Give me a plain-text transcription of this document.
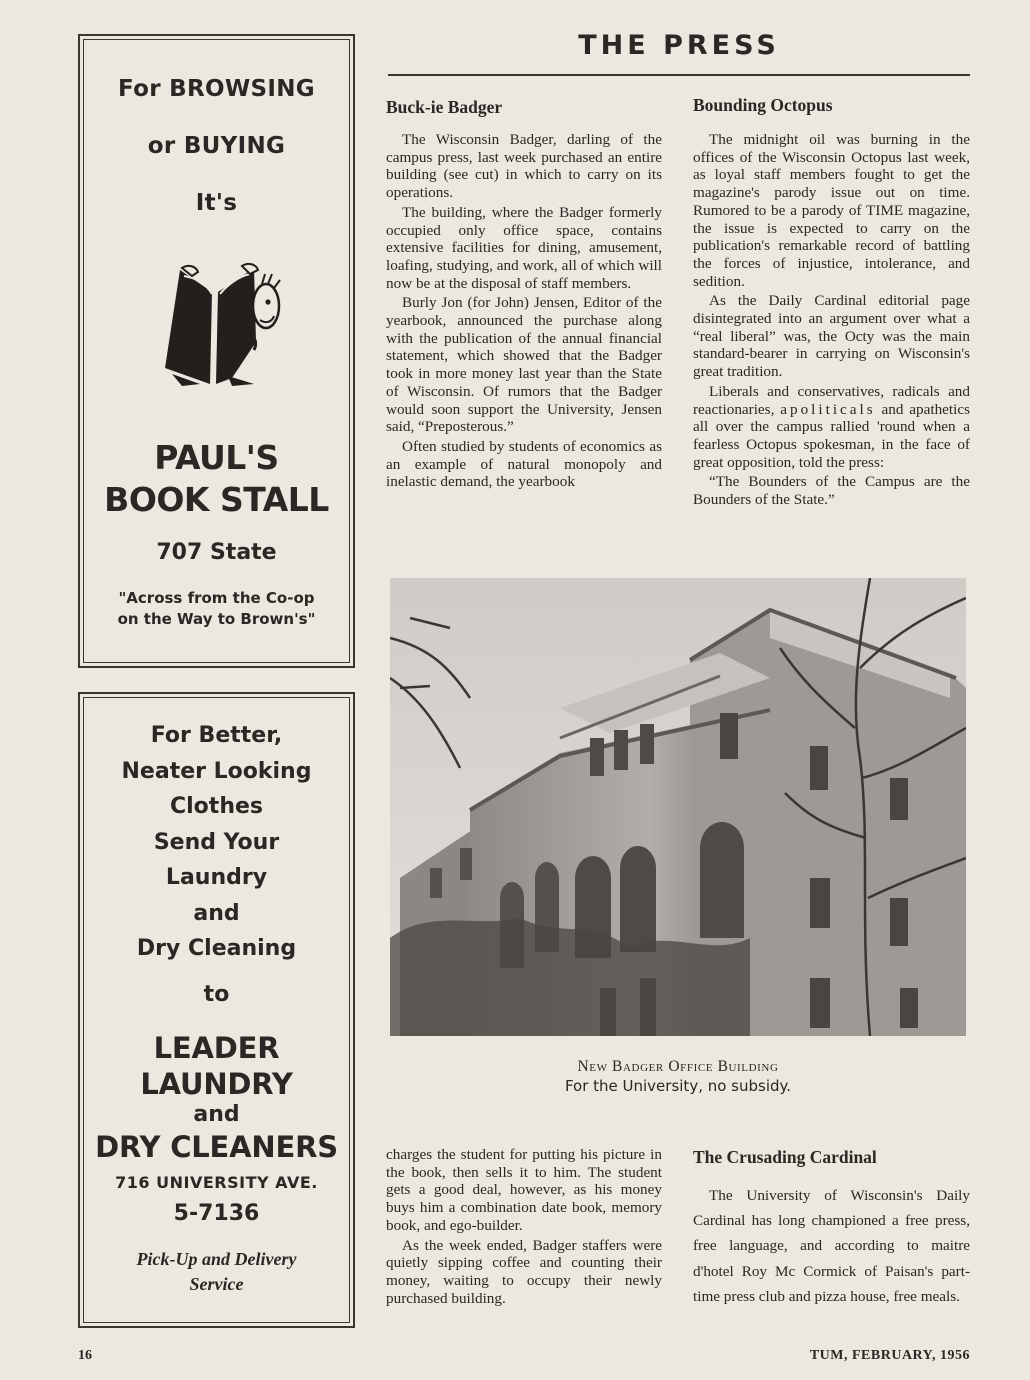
For BROWSING
or BUYING
It's
PAUL'S
BOOK STALL
707 State
"Across from the Co-op
on the Way to Brown's"
For Better,
Neater Looking
Clothes
Send Your
Laundry
and
Dry Cleaning
to
LEADER
LAUNDRY
and
DRY CLEANERS
716 UNIVERSITY AVE.
5-7136
Pick-Up and Delivery
Service
THE PRESS
Buck-ie Badger

The Wisconsin Badger, darling of the campus press, last week purchased an entire building (see cut) in which to carry on its operations.

The building, where the Badger formerly occupied only office space, contains extensive facilities for dining, amusement, loafing, studying, and work, all of which will now be at the disposal of staff members.

Burly Jon (for John) Jensen, Editor of the yearbook, announced the purchase along with the publication of the annual financial statement, which showed that the Badger took in more money last year than the State of Wisconsin. Of rumors that the Badger would soon support the University, Jensen said, “Preposterous.”

Often studied by students of economics as an example of natural monopoly and inelastic demand, the yearbook

Bounding Octopus

The midnight oil was burning in the offices of the Wisconsin Octopus last week, as loyal staff members fought to get the magazine's parody issue out on time. Rumored to be a parody of TIME magazine, the issue is expected to carry on the publication's remarkable record of battling the forces of injustice, intolerance, and sedition.

As the Daily Cardinal editorial page disintegrated into an argument over what a “real liberal” was, the Octy was the main standard-bearer in carrying on Wisconsin's great tradition.

Liberals and conservatives, radicals and reactionaries, apoliticals and apathetics all over the campus rallied 'round when a fearless Octopus spokesman, in the face of great opposition, told the press:

“The Bounders of the Campus are the Bounders of the State.”

New Badger Office Building
For the University, no subsidy.

charges the student for putting his picture in the book, then sells it to him. The student gets a good deal, however, as his money buys him a combination date book, memory book, and ego-builder.

As the week ended, Badger staffers were quietly sipping coffee and counting their money, waiting to occupy their newly purchased building.

The Crusading Cardinal

The University of Wisconsin's Daily Cardinal has long championed a free press, free language, and according to maitre d'hotel Roy Mc Cormick of Paisan's part-time press club and pizza house, free meals.

16	TUM, FEBRUARY, 1956
